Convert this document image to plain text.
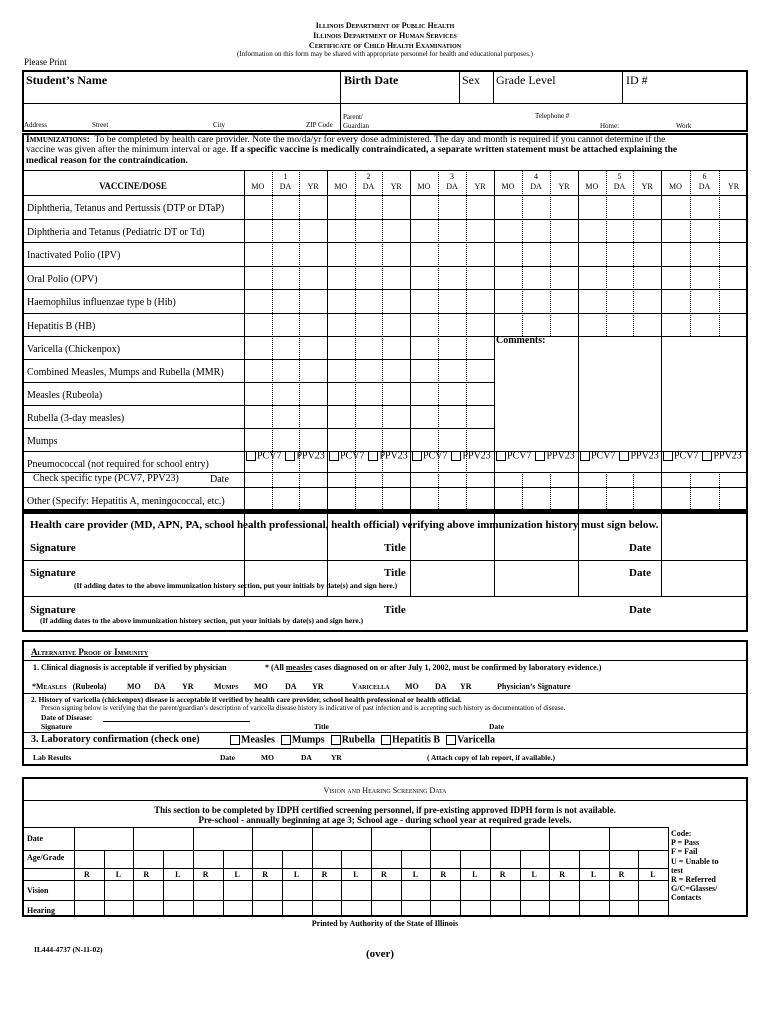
Illinois Department of Public Health
Illinois Department of Human Services
Certificate of Child Health Examination
(Information on this form may be shared with appropriate personnel for health and educational purposes.)
Please Print
Student’s Name	Birth Date	Sex Grade Level	ID #
Address	Street	City	ZIP Code
Parent/
Guardian
Telephone #
Home:	Work
Immunizations: To be completed by health care provider. Note the mo/da/yr for every dose administered. The day and month is required if you cannot determine if the
vaccine was given after the minimum interval or age. If a specific vaccine is medically contraindicated, a separate written statement must be attached explaining the
medical reason for the contraindication.
VACCINE/DOSE
1
MO	DA	YR
2
MO	DA	YR
3
MO	DA	YR
4
MO	DA	YR
5
MO	DA	YR
6
MO	DA	YR
Diphtheria, Tetanus and Pertussis (DTP or DTaP)
Diphtheria and Tetanus (Pediatric DT or Td)
Inactivated Polio (IPV)
Oral Polio (OPV)
Haemophilus influenzae type b (Hib)
Hepatitis B (HB)
Varicella (Chickenpox)
Combined Measles, Mumps and Rubella (MMR)
Measles (Rubeola)
Rubella (3-day measles)
Mumps
Pneumococcal (not required for school entry)
PCV7 PPV23	PCV7 PPV23	PCV7 PPV23	PCV7 PPV23	PCV7 PPV23	PCV7 PPV23
Check specific type (PCV7, PPV23)	Date
Other (Specify: Hepatitis A, meningococcal, etc.)
Comments:
Health care provider (MD, APN, PA, school health professional, health official) verifying above immunization history must sign below.
Signature	Title	Date
Signature	Title	Date
(If adding dates to the above immunization history section, put your initials by date(s) and sign here.)
Signature	Title	Date
(If adding dates to the above immunization history section, put your initials by date(s) and sign here.)
Alternative Proof of Immunity
1. Clinical diagnosis is acceptable if verified by physician	* (All measles cases diagnosed on or after July 1, 2002, must be confirmed by laboratory evidence.)
*Measles (Rubeola)	MO DA YR	Mumps MO DA YR	Varicella MO DA YR	Physician’s Signature
2. History of varicella (chickenpox) disease is acceptable if verified by health care provider, school health professional or health official.
Person signing below is verifying that the parent/guardian’s description of varicella disease history is indicative of past infection and is accepting such history as documentation of disease.
Date of Disease:
Signature	Title	Date
3. Laboratory confirmation (check one)	Measles Mumps Rubella Hepatitis B Varicella
Lab Results	Date	MO	DA	YR	( Attach copy of lab report, if available.)
Vision and Hearing Screening Data
This section to be completed by IDPH certified screening personnel, if pre-existing approved IDPH form is not available.
Pre-school - annually beginning at age 3; School age - during school year at required grade levels.
Date
Age/Grade
Vision
Hearing
R	L	R	L	R	L	R	L	R	L	R	L	R	L	R	L	R	L	R	L
Code:
P = Pass
F = Fail
U = Unable to
test
R = Referred
G/C=Glasses/
Contacts
Printed by Authority of the State of Illinois
IL444-4737 (N-11-02)	(over)
